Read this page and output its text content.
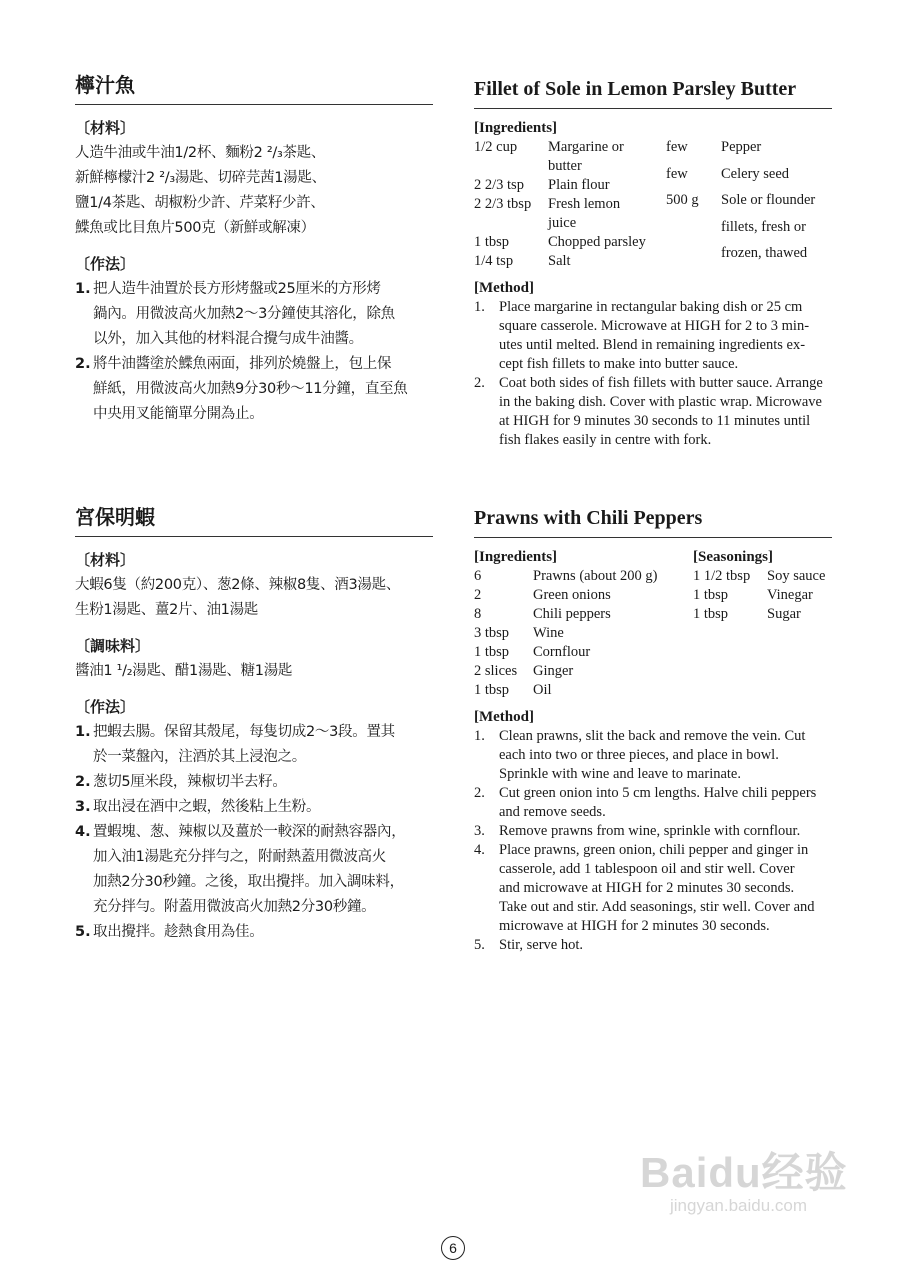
檸汁魚
〔材料〕
人造牛油或牛油1/2杯、麵粉2 ²/₃茶匙、
新鮮檸檬汁2 ²/₃湯匙、切碎芫茜1湯匙、
鹽1/4茶匙、胡椒粉少許、芹菜籽少許、
鰈魚或比目魚片500克（新鮮或解凍）
〔作法〕
1. 把人造牛油置於長方形烤盤或25厘米的方形烤
鍋內。用微波高火加熱2～3分鐘使其溶化，除魚
以外，加入其他的材料混合攪勻成牛油醬。
2. 將牛油醬塗於鰈魚兩面，排列於燒盤上，包上保
鮮紙，用微波高火加熱9分30秒～11分鐘，直至魚
中央用叉能簡單分開為止。
宮保明蝦
〔材料〕
大蝦6隻（約200克）、葱2條、辣椒8隻、酒3湯匙、
生粉1湯匙、薑2片、油1湯匙
〔調味料〕
醬油1 ¹/₂湯匙、醋1湯匙、糖1湯匙
〔作法〕
1. 把蝦去腸。保留其殼尾，每隻切成2～3段。置其
於一菜盤內，注酒於其上浸泡之。
2. 葱切5厘米段，辣椒切半去籽。
3. 取出浸在酒中之蝦，然後粘上生粉。
4. 置蝦塊、葱、辣椒以及薑於一較深的耐熱容器內，
加入油1湯匙充分拌勻之，附耐熱蓋用微波高火
加熱2分30秒鐘。之後，取出攪拌。加入調味料，
充分拌勻。附蓋用微波高火加熱2分30秒鐘。
5. 取出攪拌。趁熱食用為佳。
Fillet of Sole in Lemon Parsley Butter
[Ingredients]
1/2 cup	Margarine or
butter
2 2/3 tsp	Plain flour
2 2/3 tbsp	Fresh lemon
juice
1 tbsp	Chopped parsley
1/4 tsp	Salt
few	Pepper
few	Celery seed
500 g	Sole or flounder
fillets, fresh or
frozen, thawed
[Method]
1. Place margarine in rectangular baking dish or 25 cm
square casserole. Microwave at HIGH for 2 to 3 min-
utes until melted. Blend in remaining ingredients ex-
cept fish fillets to make into butter sauce.
2. Coat both sides of fish fillets with butter sauce. Arrange
in the baking dish. Cover with plastic wrap. Microwave
at HIGH for 9 minutes 30 seconds to 11 minutes until
fish flakes easily in centre with fork.
Prawns with Chili Peppers
[Ingredients]
6	Prawns (about 200 g)
2	Green onions
8	Chili peppers
3 tbsp	Wine
1 tbsp	Cornflour
2 slices	Ginger
1 tbsp	Oil
[Seasonings]
1 1/2 tbsp	Soy sauce
1 tbsp	Vinegar
1 tbsp	Sugar
[Method]
1. Clean prawns, slit the back and remove the vein. Cut
each into two or three pieces, and place in bowl.
Sprinkle with wine and leave to marinate.
2. Cut green onion into 5 cm lengths. Halve chili peppers
and remove seeds.
3. Remove prawns from wine, sprinkle with cornflour.
4. Place prawns, green onion, chili pepper and ginger in
casserole, add 1 tablespoon oil and stir well. Cover
and microwave at HIGH for 2 minutes 30 seconds.
Take out and stir. Add seasonings, stir well. Cover and
microwave at HIGH for 2 minutes 30 seconds.
5. Stir, serve hot.
6
Baidu经验
jingyan.baidu.com
